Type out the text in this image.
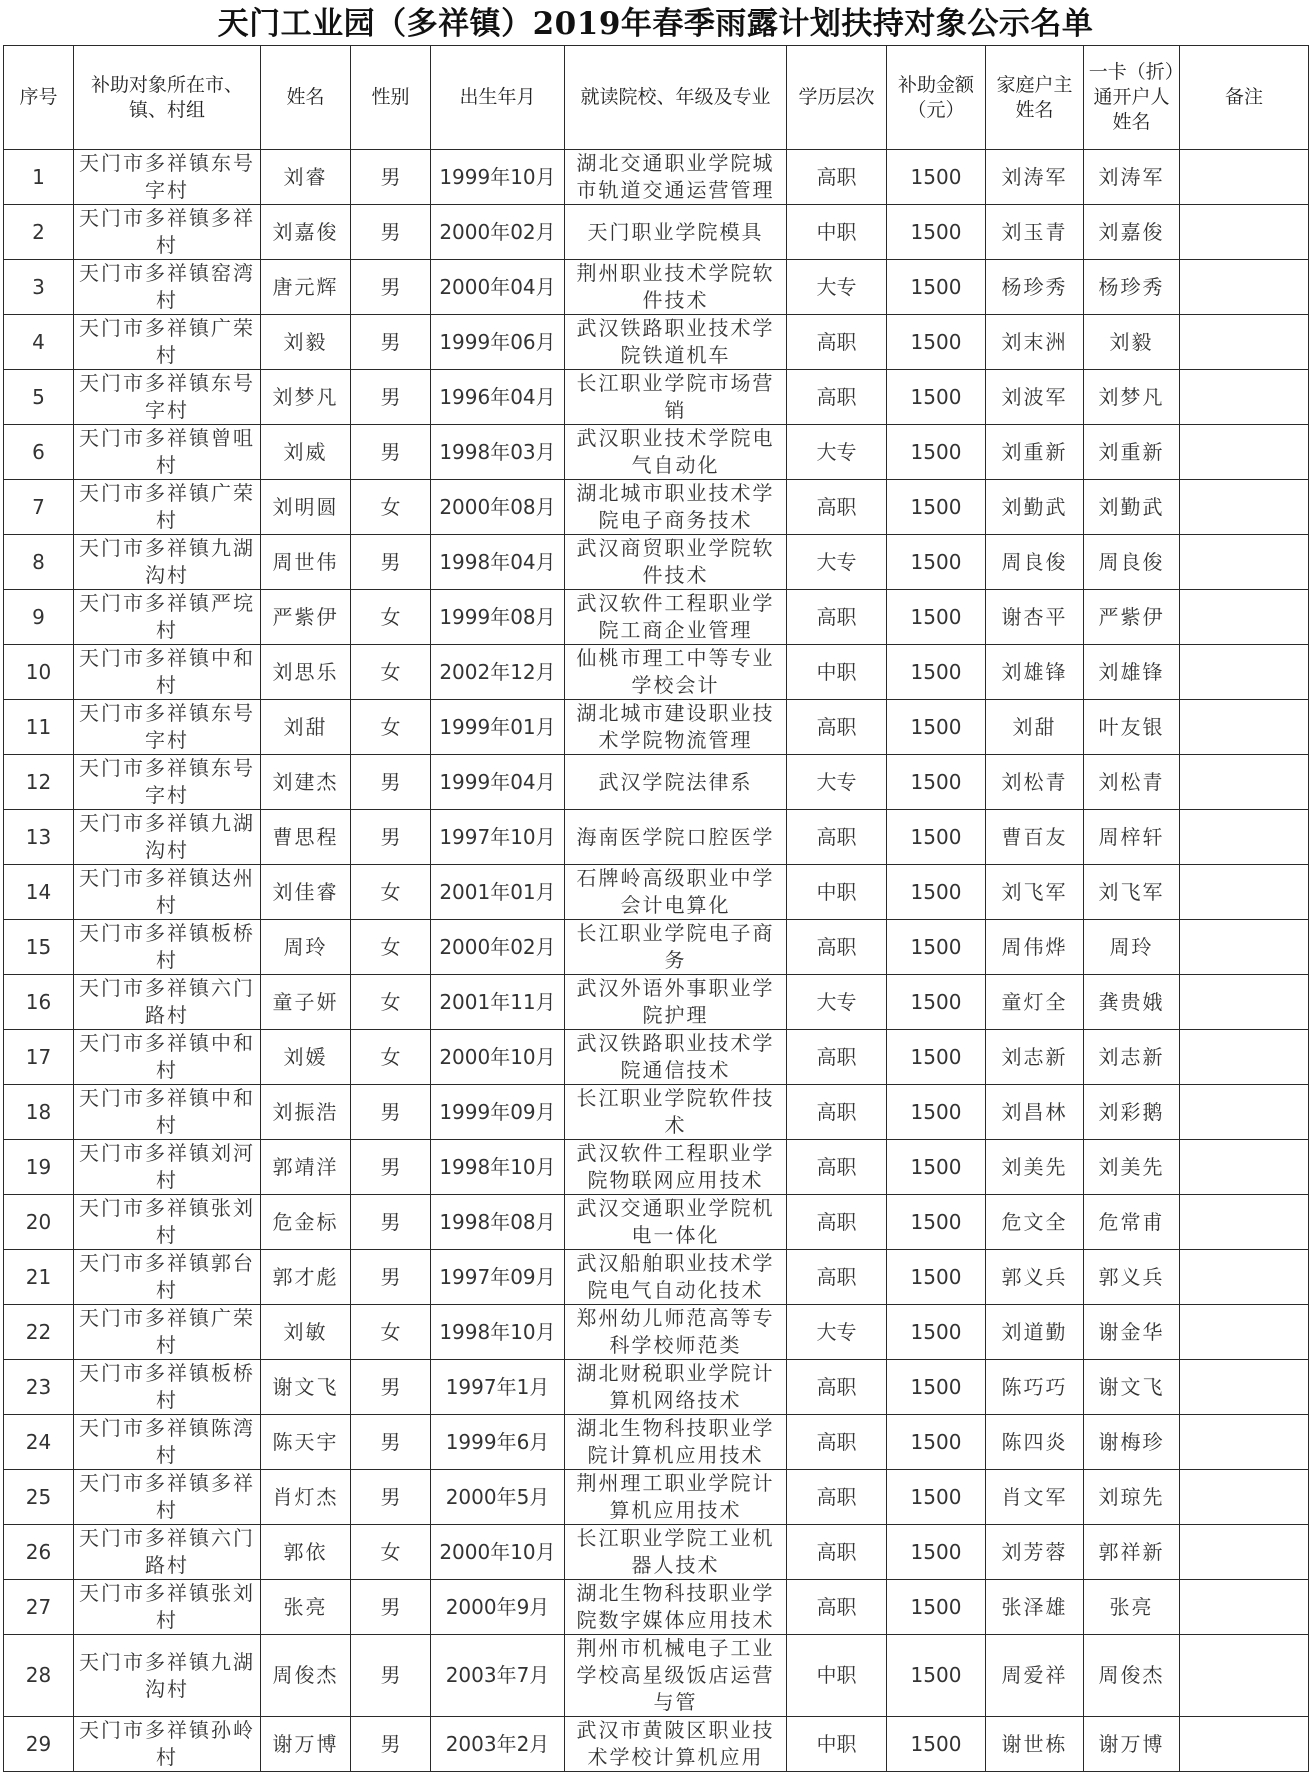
天门工业园（多祥镇）2019年春季雨露计划扶持对象公示名单
序号	补助对象所在市、镇、村组	姓名	性别	出生年月	就读院校、年级及专业	学历层次	补助金额（元）	家庭户主姓名	一卡（折）通开户人姓名	备注
1	天门市多祥镇东号字村	刘睿	男	1999年10月	湖北交通职业学院城市轨道交通运营管理	高职	1500	刘涛军	刘涛军	
2	天门市多祥镇多祥村	刘嘉俊	男	2000年02月	天门职业学院模具	中职	1500	刘玉青	刘嘉俊	
3	天门市多祥镇窑湾村	唐元辉	男	2000年04月	荆州职业技术学院软件技术	大专	1500	杨珍秀	杨珍秀	
4	天门市多祥镇广荣村	刘毅	男	1999年06月	武汉铁路职业技术学院铁道机车	高职	1500	刘末洲	刘毅	
5	天门市多祥镇东号字村	刘梦凡	男	1996年04月	长江职业学院市场营销	高职	1500	刘波军	刘梦凡	
6	天门市多祥镇曾咀村	刘威	男	1998年03月	武汉职业技术学院电气自动化	大专	1500	刘重新	刘重新	
7	天门市多祥镇广荣村	刘明圆	女	2000年08月	湖北城市职业技术学院电子商务技术	高职	1500	刘勤武	刘勤武	
8	天门市多祥镇九湖沟村	周世伟	男	1998年04月	武汉商贸职业学院软件技术	大专	1500	周良俊	周良俊	
9	天门市多祥镇严垸村	严紫伊	女	1999年08月	武汉软件工程职业学院工商企业管理	高职	1500	谢杏平	严紫伊	
10	天门市多祥镇中和村	刘思乐	女	2002年12月	仙桃市理工中等专业学校会计	中职	1500	刘雄锋	刘雄锋	
11	天门市多祥镇东号字村	刘甜	女	1999年01月	湖北城市建设职业技术学院物流管理	高职	1500	刘甜	叶友银	
12	天门市多祥镇东号字村	刘建杰	男	1999年04月	武汉学院法律系	大专	1500	刘松青	刘松青	
13	天门市多祥镇九湖沟村	曹思程	男	1997年10月	海南医学院口腔医学	高职	1500	曹百友	周梓轩	
14	天门市多祥镇达州村	刘佳睿	女	2001年01月	石牌岭高级职业中学会计电算化	中职	1500	刘飞军	刘飞军	
15	天门市多祥镇板桥村	周玲	女	2000年02月	长江职业学院电子商务	高职	1500	周伟烨	周玲	
16	天门市多祥镇六门路村	童子妍	女	2001年11月	武汉外语外事职业学院护理	大专	1500	童灯全	龚贵娥	
17	天门市多祥镇中和村	刘媛	女	2000年10月	武汉铁路职业技术学院通信技术	高职	1500	刘志新	刘志新	
18	天门市多祥镇中和村	刘振浩	男	1999年09月	长江职业学院软件技术	高职	1500	刘昌林	刘彩鹅	
19	天门市多祥镇刘河村	郭靖洋	男	1998年10月	武汉软件工程职业学院物联网应用技术	高职	1500	刘美先	刘美先	
20	天门市多祥镇张刘村	危金标	男	1998年08月	武汉交通职业学院机电一体化	高职	1500	危文全	危常甫	
21	天门市多祥镇郭台村	郭才彪	男	1997年09月	武汉船舶职业技术学院电气自动化技术	高职	1500	郭义兵	郭义兵	
22	天门市多祥镇广荣村	刘敏	女	1998年10月	郑州幼儿师范高等专科学校师范类	大专	1500	刘道勤	谢金华	
23	天门市多祥镇板桥村	谢文飞	男	1997年1月	湖北财税职业学院计算机网络技术	高职	1500	陈巧巧	谢文飞	
24	天门市多祥镇陈湾村	陈天宇	男	1999年6月	湖北生物科技职业学院计算机应用技术	高职	1500	陈四炎	谢梅珍	
25	天门市多祥镇多祥村	肖灯杰	男	2000年5月	荆州理工职业学院计算机应用技术	高职	1500	肖文军	刘琼先	
26	天门市多祥镇六门路村	郭依	女	2000年10月	长江职业学院工业机器人技术	高职	1500	刘芳蓉	郭祥新	
27	天门市多祥镇张刘村	张亮	男	2000年9月	湖北生物科技职业学院数字媒体应用技术	高职	1500	张泽雄	张亮	
28	天门市多祥镇九湖沟村	周俊杰	男	2003年7月	荆州市机械电子工业学校高星级饭店运营与管	中职	1500	周爱祥	周俊杰	
29	天门市多祥镇孙岭村	谢万博	男	2003年2月	武汉市黄陂区职业技术学校计算机应用	中职	1500	谢世栋	谢万博	
